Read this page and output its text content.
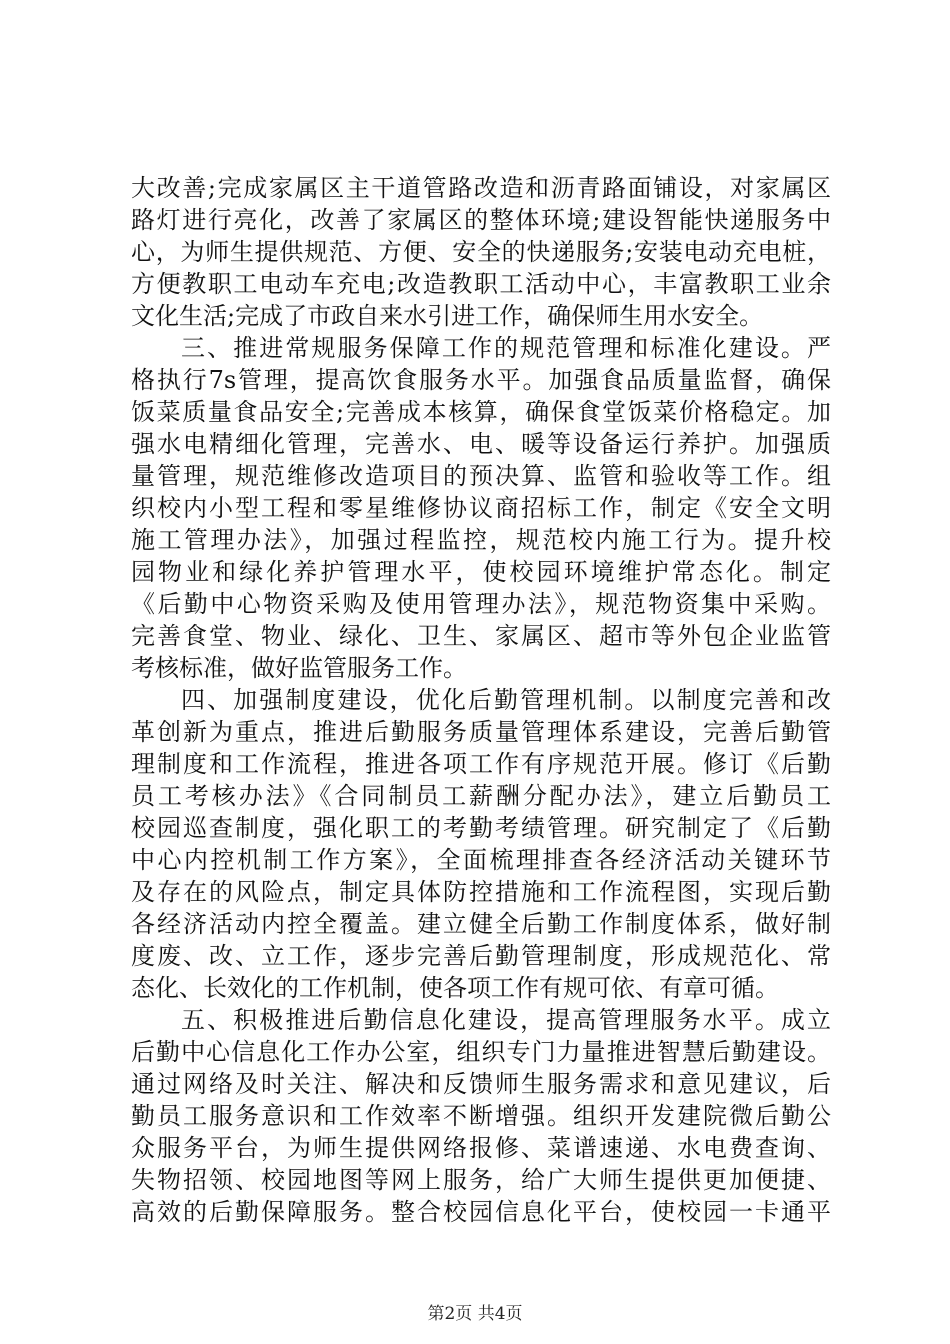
大改善;完成家属区主干道管路改造和沥青路面铺设，对家属区
路灯进行亮化，改善了家属区的整体环境;建设智能快递服务中
心，为师生提供规范、方便、安全的快递服务;安装电动充电桩，
方便教职工电动车充电;改造教职工活动中心，丰富教职工业余
文化生活;完成了市政自来水引进工作，确保师生用水安全。
三、推进常规服务保障工作的规范管理和标准化建设。严
格执行7s管理，提高饮食服务水平。加强食品质量监督，确保
饭菜质量食品安全;完善成本核算，确保食堂饭菜价格稳定。加
强水电精细化管理，完善水、电、暖等设备运行养护。加强质
量管理，规范维修改造项目的预决算、监管和验收等工作。组
织校内小型工程和零星维修协议商招标工作，制定《安全文明
施工管理办法》，加强过程监控，规范校内施工行为。提升校
园物业和绿化养护管理水平，使校园环境维护常态化。制定
《后勤中心物资采购及使用管理办法》，规范物资集中采购。
完善食堂、物业、绿化、卫生、家属区、超市等外包企业监管
考核标准，做好监管服务工作。
四、加强制度建设，优化后勤管理机制。以制度完善和改
革创新为重点，推进后勤服务质量管理体系建设，完善后勤管
理制度和工作流程，推进各项工作有序规范开展。修订《后勤
员工考核办法》《合同制员工薪酬分配办法》，建立后勤员工
校园巡查制度，强化职工的考勤考绩管理。研究制定了《后勤
中心内控机制工作方案》，全面梳理排查各经济活动关键环节
及存在的风险点，制定具体防控措施和工作流程图，实现后勤
各经济活动内控全覆盖。建立健全后勤工作制度体系，做好制
度废、改、立工作，逐步完善后勤管理制度，形成规范化、常
态化、长效化的工作机制，使各项工作有规可依、有章可循。
五、积极推进后勤信息化建设，提高管理服务水平。成立
后勤中心信息化工作办公室，组织专门力量推进智慧后勤建设。
通过网络及时关注、解决和反馈师生服务需求和意见建议，后
勤员工服务意识和工作效率不断增强。组织开发建院微后勤公
众服务平台，为师生提供网络报修、菜谱速递、水电费查询、
失物招领、校园地图等网上服务，给广大师生提供更加便捷、
高效的后勤保障服务。整合校园信息化平台，使校园一卡通平
第2页 共4页
